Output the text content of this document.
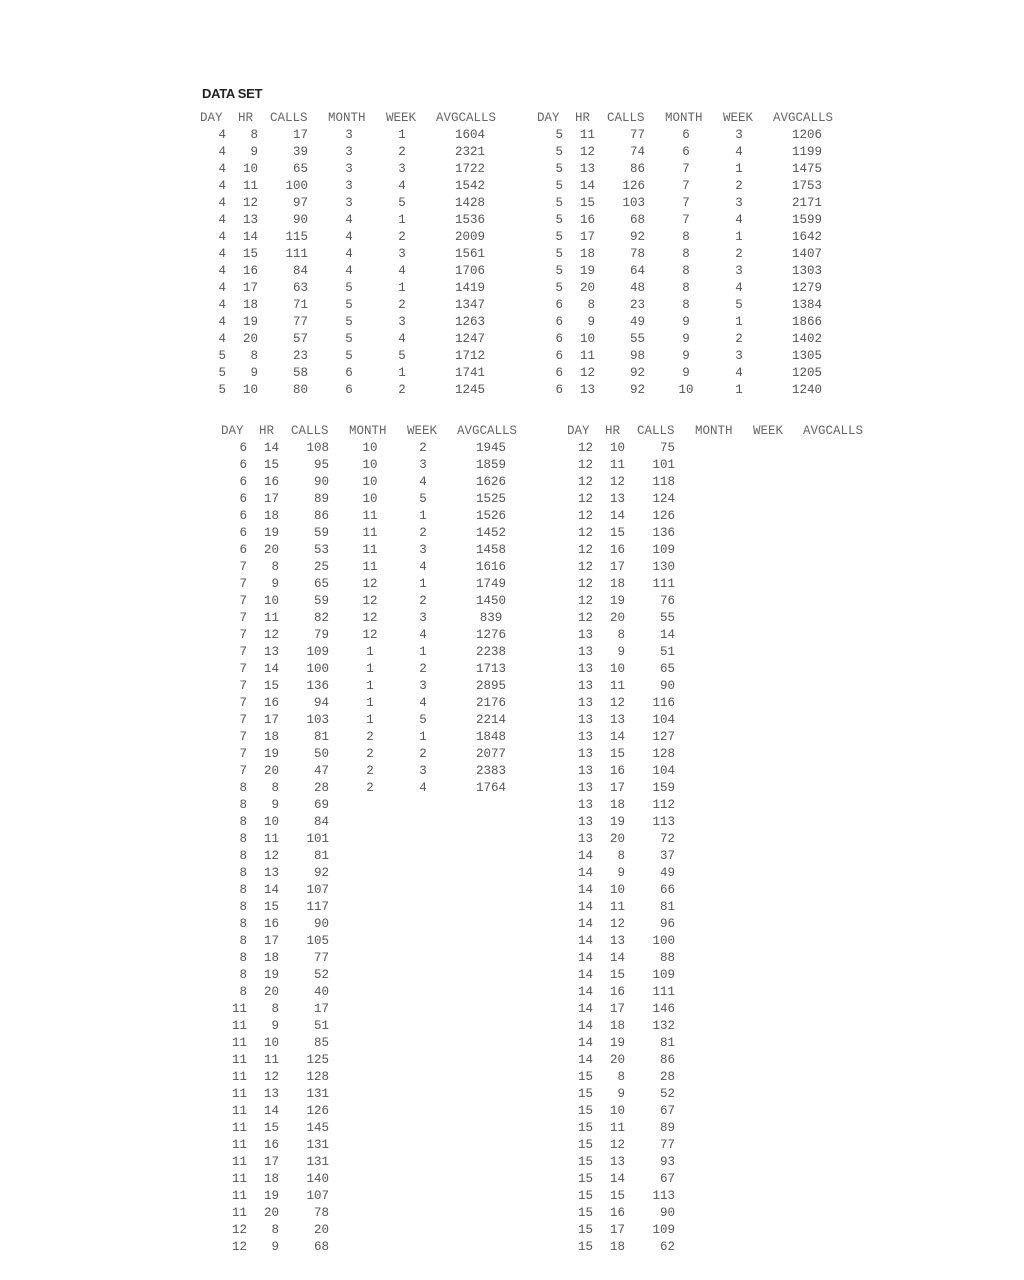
DATA SET
DAY HR CALLS MONTH WEEK AVGCALLS
4	8	17	3	1	1604
4	9	39	3	2	2321
4	10	65	3	3	1722
4	11	100	3	4	1542
4	12	97	3	5	1428
4	13	90	4	1	1536
4	14	115	4	2	2009
4	15	111	4	3	1561
4	16	84	4	4	1706
4	17	63	5	1	1419
4	18	71	5	2	1347
4	19	77	5	3	1263
4	20	57	5	4	1247
5	8	23	5	5	1712
5	9	58	6	1	1741
5	10	80	6	2	1245
DAY HR CALLS MONTH WEEK AVGCALLS
5	11	77	6	3	1206
5	12	74	6	4	1199
5	13	86	7	1	1475
5	14	126	7	2	1753
5	15	103	7	3	2171
5	16	68	7	4	1599
5	17	92	8	1	1642
5	18	78	8	2	1407
5	19	64	8	3	1303
5	20	48	8	4	1279
6	8	23	8	5	1384
6	9	49	9	1	1866
6	10	55	9	2	1402
6	11	98	9	3	1305
6	12	92	9	4	1205
6	13	92	10	1	1240
DAY HR CALLS MONTH WEEK AVGCALLS
6	14	108	10	2	1945
6	15	95	10	3	1859
6	16	90	10	4	1626
6	17	89	10	5	1525
6	18	86	11	1	1526
6	19	59	11	2	1452
6	20	53	11	3	1458
7	8	25	11	4	1616
7	9	65	12	1	1749
7	10	59	12	2	1450
7	11	82	12	3	839
7	12	79	12	4	1276
7	13	109	1	1	2238
7	14	100	1	2	1713
7	15	136	1	3	2895
7	16	94	1	4	2176
7	17	103	1	5	2214
7	18	81	2	1	1848
7	19	50	2	2	2077
7	20	47	2	3	2383
8	8	28	2	4	1764
8	9	69
8	10	84
8	11	101
8	12	81
8	13	92
8	14	107
8	15	117
8	16	90
8	17	105
8	18	77
8	19	52
8	20	40
11	8	17
11	9	51
11	10	85
11	11	125
11	12	128
11	13	131
11	14	126
11	15	145
11	16	131
11	17	131
11	18	140
11	19	107
11	20	78
12	8	20
12	9	68
DAY HR CALLS MONTH WEEK AVGCALLS
12	10	75
12	11	101
12	12	118
12	13	124
12	14	126
12	15	136
12	16	109
12	17	130
12	18	111
12	19	76
12	20	55
13	8	14
13	9	51
13	10	65
13	11	90
13	12	116
13	13	104
13	14	127
13	15	128
13	16	104
13	17	159
13	18	112
13	19	113
13	20	72
14	8	37
14	9	49
14	10	66
14	11	81
14	12	96
14	13	100
14	14	88
14	15	109
14	16	111
14	17	146
14	18	132
14	19	81
14	20	86
15	8	28
15	9	52
15	10	67
15	11	89
15	12	77
15	13	93
15	14	67
15	15	113
15	16	90
15	17	109
15	18	62
